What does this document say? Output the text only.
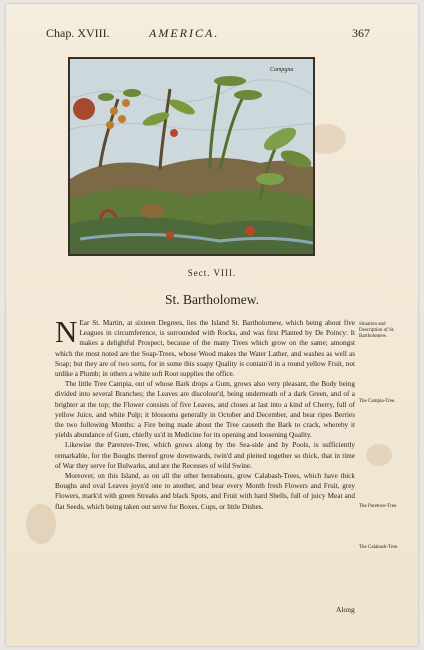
Chap. XVIII.	AMERICA.	367
Campgna
Sect. VIII.
St. Bartholomew.

N Ear St. Martin, at sixteen Degrees, lies the Island St. Bartholomew, which being about five Leagues in circumference, is surrounded with Rocks, and was first Planted by De Poincy: It makes a delightful Prospect, because of the many Trees which grow on the same; amongst which the most noted are the Soap-Trees, whose Wood makes the Water Lather, and washes as well as Soap; but they are of two sorts, for in some this soapy Quality is contain'd in a round yellow Fruit, not unlike a Plumb; in others a white soft Root supplies the office.

The little Tree Campia, out of whose Bark drops a Gum, grows also very pleasant, the Body being divided into several Branches; the Leaves are discolour'd, being underneath of a dark Green, and of a brighter at the top; the Flower consists of five Leaves, and closes at last into a kind of Cherry, full of yellow Juice, and white Pulp; it blossoms generally in October and December, and bear ripes Berries the two following Months: a Fire being made about the Tree causeth the Bark to crack, whereby it yields abundance of Gum, chiefly us'd in Medicine for its opening and loosening Quality.

Likewise the Paretuve-Tree, which grows along by the Sea-side and by Pools, is sufficiently remarkable, for the Boughs thereof grow downwards, twin'd and pleited together so thick, that in time of War they serve for Bulwarks, and are the Recesses of wild Swine.

Moreover, on this Island, as on all the other hereabouts, grow Calabash-Trees, which have thick Boughs and oval Leaves joyn'd one to another, and bear every Month fresh Flowers and Fruit, grey Flowers, mark'd with green Streaks and black Spots, and Fruit with hard Shells, full of juicy Meat and flat Seeds, which being taken out serve for Boxes, Cups, or little Dishes.

Situation and Description of St. Bartholomew.
The Campia-Tree.
The Paretuve-Tree.
The Calabash-Tree.
Along
